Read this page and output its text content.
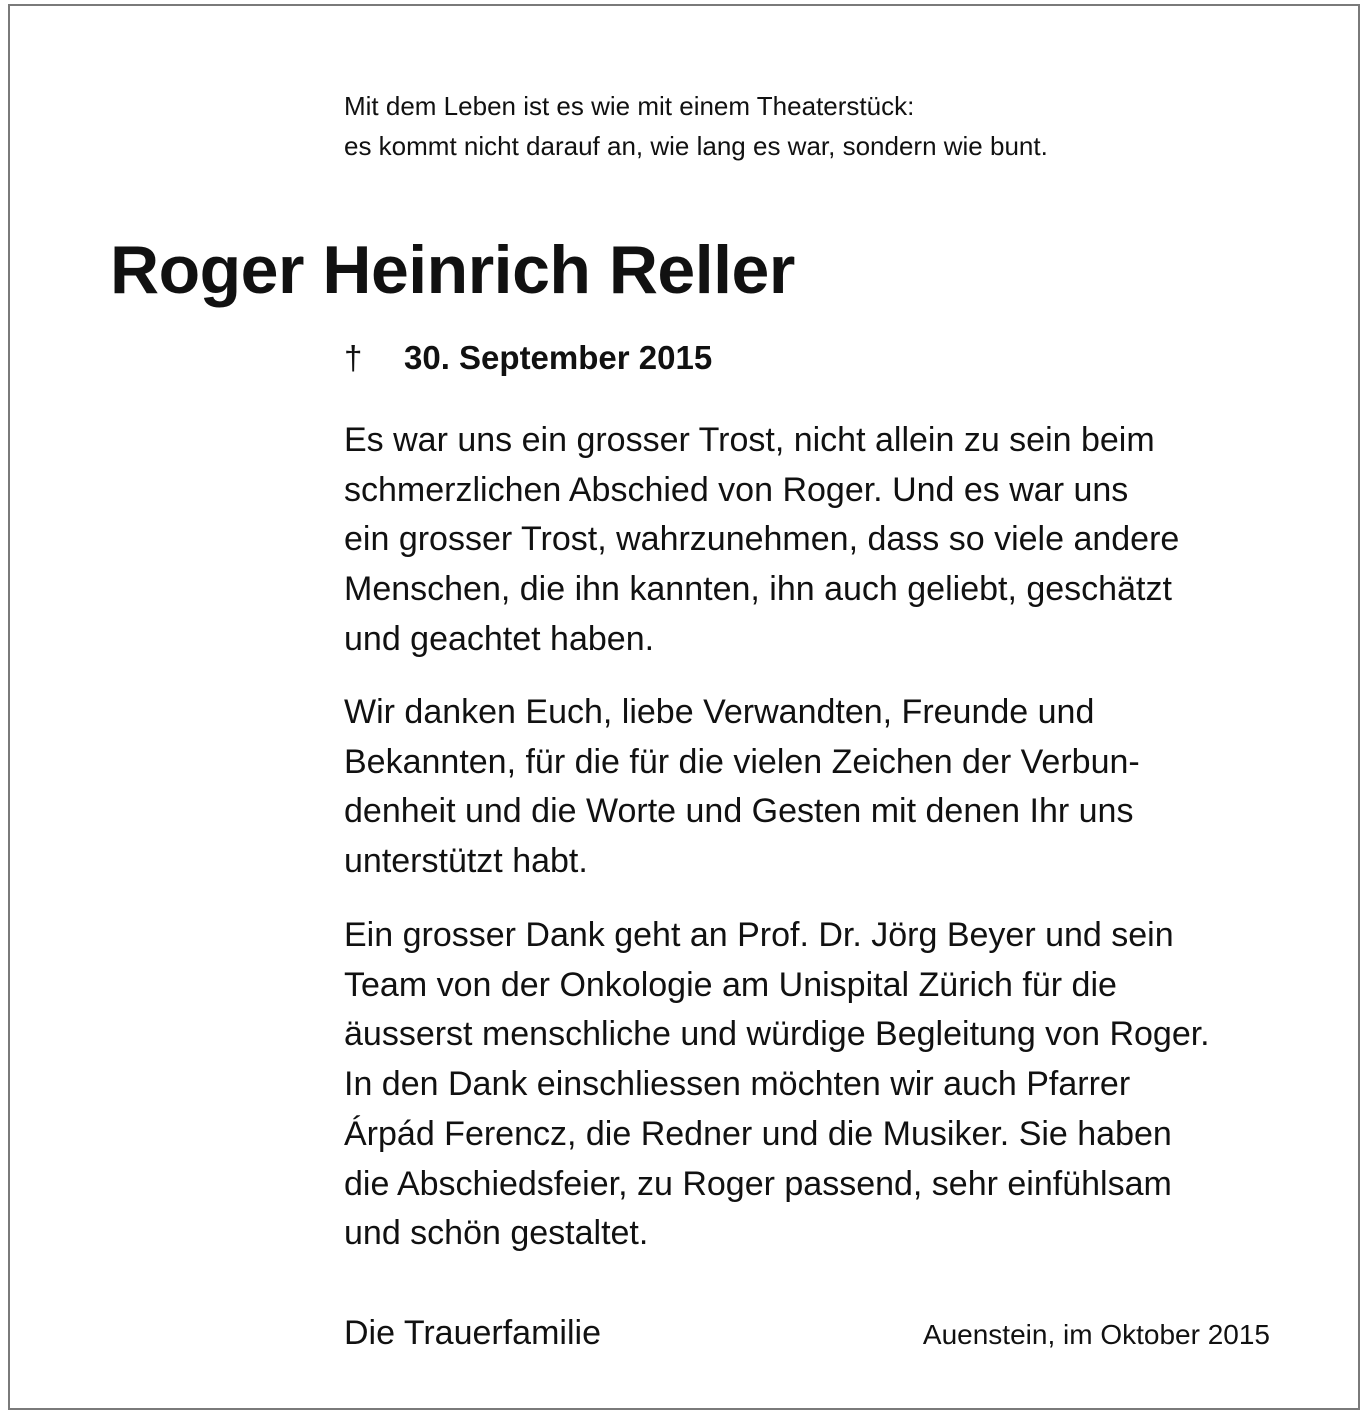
Mit dem Leben ist es wie mit einem Theaterstück:
es kommt nicht darauf an, wie lang es war, sondern wie bunt.
Roger Heinrich Reller
† 30. September 2015
Es war uns ein grosser Trost, nicht allein zu sein beim
schmerzlichen Abschied von Roger. Und es war uns
ein grosser Trost, wahrzunehmen, dass so viele andere
Menschen, die ihn kannten, ihn auch geliebt, geschätzt
und geachtet haben.
Wir danken Euch, liebe Verwandten, Freunde und
Bekannten, für die für die vielen Zeichen der Verbun-
denheit und die Worte und Gesten mit denen Ihr uns
unterstützt habt.
Ein grosser Dank geht an Prof. Dr. Jörg Beyer und sein
Team von der Onkologie am Unispital Zürich für die
äusserst menschliche und würdige Begleitung von Roger.
In den Dank einschliessen möchten wir auch Pfarrer
Árpád Ferencz, die Redner und die Musiker. Sie haben
die Abschiedsfeier, zu Roger passend, sehr einfühlsam
und schön gestaltet.
Die Trauerfamilie	Auenstein, im Oktober 2015
